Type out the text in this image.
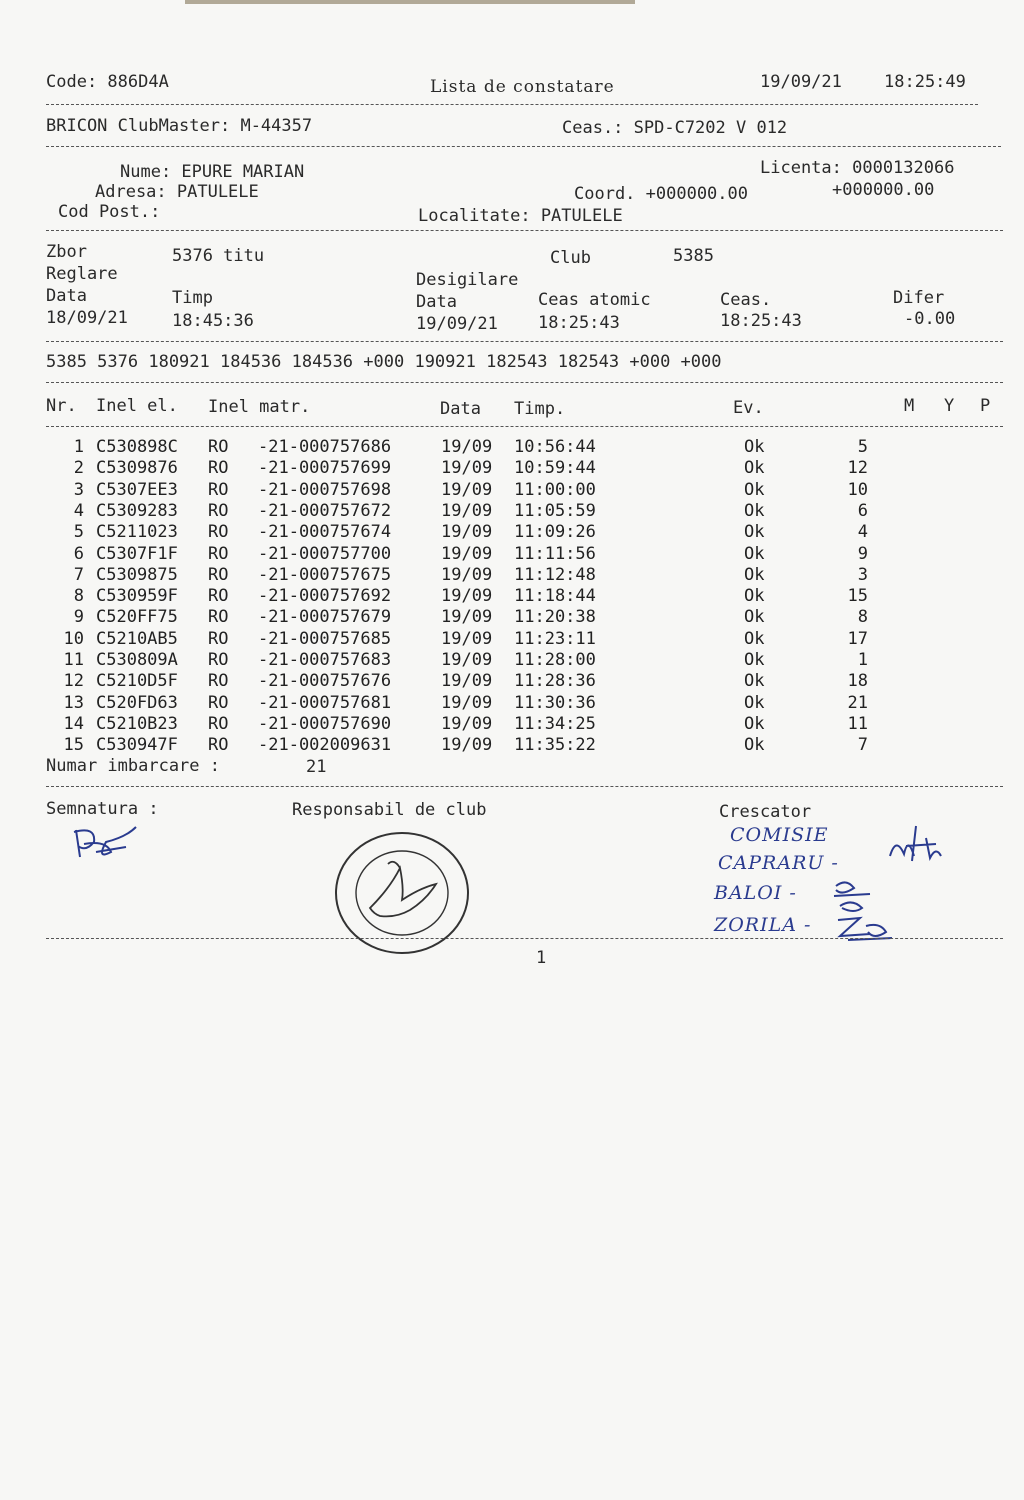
Code: 886D4A	Lista de constatare	19/09/21 18:25:49
BRICON ClubMaster: M-44357	Ceas.: SPD-C7202 V 012
Nume: EPURE MARIAN	Licenta: 0000132066
Adresa: PATULELE	Coord. +000000.00	+000000.00
Cod Post.:	Localitate: PATULELE
Zbor	5376 titu	Club	5385
Reglare	Desigilare
Data	Timp	Data	Ceas atomic	Ceas.	Difer
18/09/21	18:45:36	19/09/21 18:25:43	18:25:43	-0.00
5385 5376 180921 184536 184536 +000 190921 182543 182543 +000 +000
Nr. Inel el. Inel matr.	Data Timp.	Ev.	M Y P
1 C530898C RO -21-000757686	19/09 10:56:44	Ok	5
2 C5309876 RO -21-000757699	19/09 10:59:44	Ok	12
3 C5307EE3 RO -21-000757698	19/09 11:00:00	Ok	10
4 C5309283 RO -21-000757672	19/09 11:05:59	Ok	6
5 C5211023 RO -21-000757674	19/09 11:09:26	Ok	4
6 C5307F1F RO -21-000757700	19/09 11:11:56	Ok	9
7 C5309875 RO -21-000757675	19/09 11:12:48	Ok	3
8 C530959F RO -21-000757692	19/09 11:18:44	Ok	15
9 C520FF75 RO -21-000757679	19/09 11:20:38	Ok	8
10 C5210AB5 RO -21-000757685	19/09 11:23:11	Ok	17
11 C530809A RO -21-000757683	19/09 11:28:00	Ok	1
12 C5210D5F RO -21-000757676	19/09 11:28:36	Ok	18
13 C520FD63 RO -21-000757681	19/09 11:30:36	Ok	21
14 C5210B23 RO -21-000757690	19/09 11:34:25	Ok	11
15 C530947F RO -21-002009631	19/09 11:35:22	Ok	7
Numar imbarcare :	21
Semnatura :	Responsabil de club	Crescator
COMISIE
CAPRARU -
BALOI -
ZORILA -
1
